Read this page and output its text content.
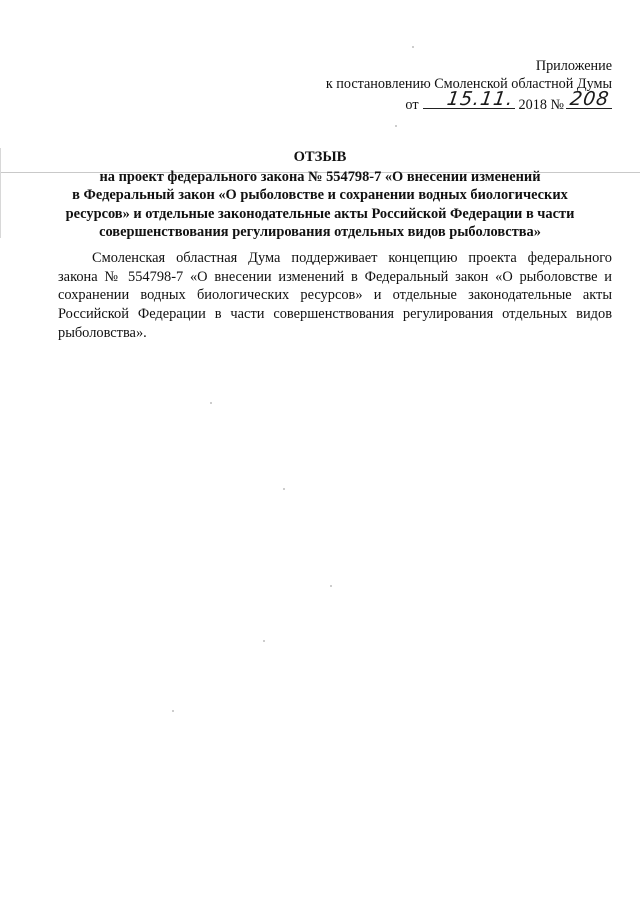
Приложение
к постановлению Смоленской областной Думы
от 15.11. 2018 № 208
ОТЗЫВ
на проект федерального закона № 554798-7 «О внесении изменений
в Федеральный закон «О рыболовстве и сохранении водных биологических
ресурсов» и отдельные законодательные акты Российской Федерации в части
совершенствования регулирования отдельных видов рыболовства»
Смоленская областная Дума поддерживает концепцию проекта федерального
закона № 554798-7 «О внесении изменений в Федеральный закон «О рыболовстве и
сохранении водных биологических ресурсов» и отдельные законодательные акты
Российской Федерации в части совершенствования регулирования отдельных видов
рыболовства».
